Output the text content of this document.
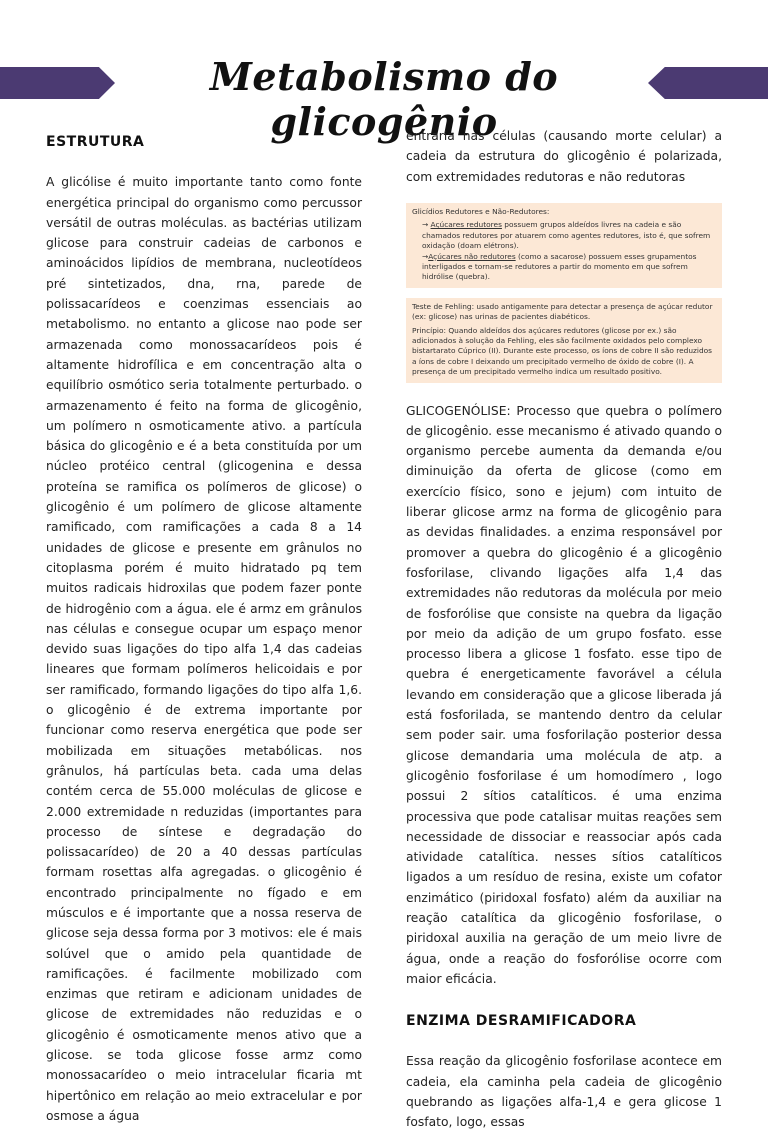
Metabolismo do glicogênio
ESTRUTURA

A glicólise é muito importante tanto como fonte energética principal do organismo como percussor versátil de outras moléculas. as bactérias utilizam glicose para construir cadeias de carbonos e aminoácidos lipídios de membrana, nucleotídeos pré sintetizados, dna, rna, parede de polissacarídeos e coenzimas essenciais ao metabolismo. no entanto a glicose nao pode ser armazenada como monossacarídeos pois é altamente hidrofílica e em concentração alta o equilíbrio osmótico seria totalmente perturbado. o armazenamento é feito na forma de glicogênio, um polímero n osmoticamente ativo. a partícula básica do glicogênio e é a beta constituída por um núcleo protéico central (glicogenina e dessa proteína se ramifica os polímeros de glicose) o glicogênio é um polímero de glicose altamente ramificado, com ramificações a cada 8 a 14 unidades de glicose e presente em grânulos no citoplasma porém é muito hidratado pq tem muitos radicais hidroxilas que podem fazer ponte de hidrogênio com a água. ele é armz em grânulos nas células e consegue ocupar um espaço menor devido suas ligações do tipo alfa 1,4 das cadeias lineares que formam polímeros helicoidais e por ser ramificado, formando ligações do tipo alfa 1,6. o glicogênio é de extrema importante por funcionar como reserva energética que pode ser mobilizada em situações metabólicas. nos grânulos, há partículas beta. cada uma delas contém cerca de 55.000 moléculas de glicose e 2.000 extremidade n reduzidas (importantes para processo de síntese e degradação do polissacarídeo) de 20 a 40 dessas partículas formam rosettas alfa agregadas. o glicogênio é encontrado principalmente no fígado e em músculos e é importante que a nossa reserva de glicose seja dessa forma por 3 motivos: ele é mais solúvel que o amido pela quantidade de ramificações. é facilmente mobilizado com enzimas que retiram e adicionam unidades de glicose de extremidades não reduzidas e o glicogênio é osmoticamente menos ativo que a glicose. se toda glicose fosse armz como monossacarídeo o meio intracelular ficaria mt hipertônico em relação ao meio extracelular e por osmose a água

entraria nas células (causando morte celular) a cadeia da estrutura do glicogênio é polarizada, com extremidades redutoras e não redutoras

Glicídios Redutores e Não-Redutores:
→ Açúcares redutores possuem grupos aldeídos livres na cadeia e são chamados redutores por atuarem como agentes redutores, isto é, que sofrem oxidação (doam elétrons).
→Açúcares não redutores (como a sacarose) possuem esses grupamentos interligados e tornam-se redutores a partir do momento em que sofrem hidrólise (quebra).
Teste de Fehling: usado antigamente para detectar a presença de açúcar redutor (ex: glicose) nas urinas de pacientes diabéticos.
Princípio: Quando aldeídos dos açúcares redutores (glicose por ex.) são adicionados à solução da Fehling, eles são facilmente oxidados pelo complexo bistartarato Cúprico (II). Durante este processo, os íons de cobre II são reduzidos a íons de cobre I deixando um precipitado vermelho de óxido de cobre (I). A presença de um precipitado vermelho indica um resultado positivo.

GLICOGENÓLISE: Processo que quebra o polímero de glicogênio. esse mecanismo é ativado quando o organismo percebe aumenta da demanda e/ou diminuição da oferta de glicose (como em exercício físico, sono e jejum) com intuito de liberar glicose armz na forma de glicogênio para as devidas finalidades. a enzima responsável por promover a quebra do glicogênio é a glicogênio fosforilase, clivando ligações alfa 1,4 das extremidades não redutoras da molécula por meio de fosforólise que consiste na quebra da ligação por meio da adição de um grupo fosfato. esse processo libera a glicose 1 fosfato. esse tipo de quebra é energeticamente favorável a célula levando em consideração que a glicose liberada já está fosforilada, se mantendo dentro da celular sem poder sair. uma fosforilação posterior dessa glicose demandaria uma molécula de atp. a glicogênio fosforilase é um homodímero , logo possui 2 sítios catalíticos. é uma enzima processiva que pode catalisar muitas reações sem necessidade de dissociar e reassociar após cada atividade catalítica. nesses sítios catalíticos ligados a um resíduo de resina, existe um cofator enzimático (piridoxal fosfato) além da auxiliar na reação catalítica da glicogênio fosforilase, o piridoxal auxilia na geração de um meio livre de água, onde a reação do fosforólise ocorre com maior eficácia.

ENZIMA DESRAMIFICADORA

Essa reação da glicogênio fosforilase acontece em cadeia, ela caminha pela cadeia de glicogênio quebrando as ligações alfa-1,4 e gera glicose 1 fosfato, logo, essas
